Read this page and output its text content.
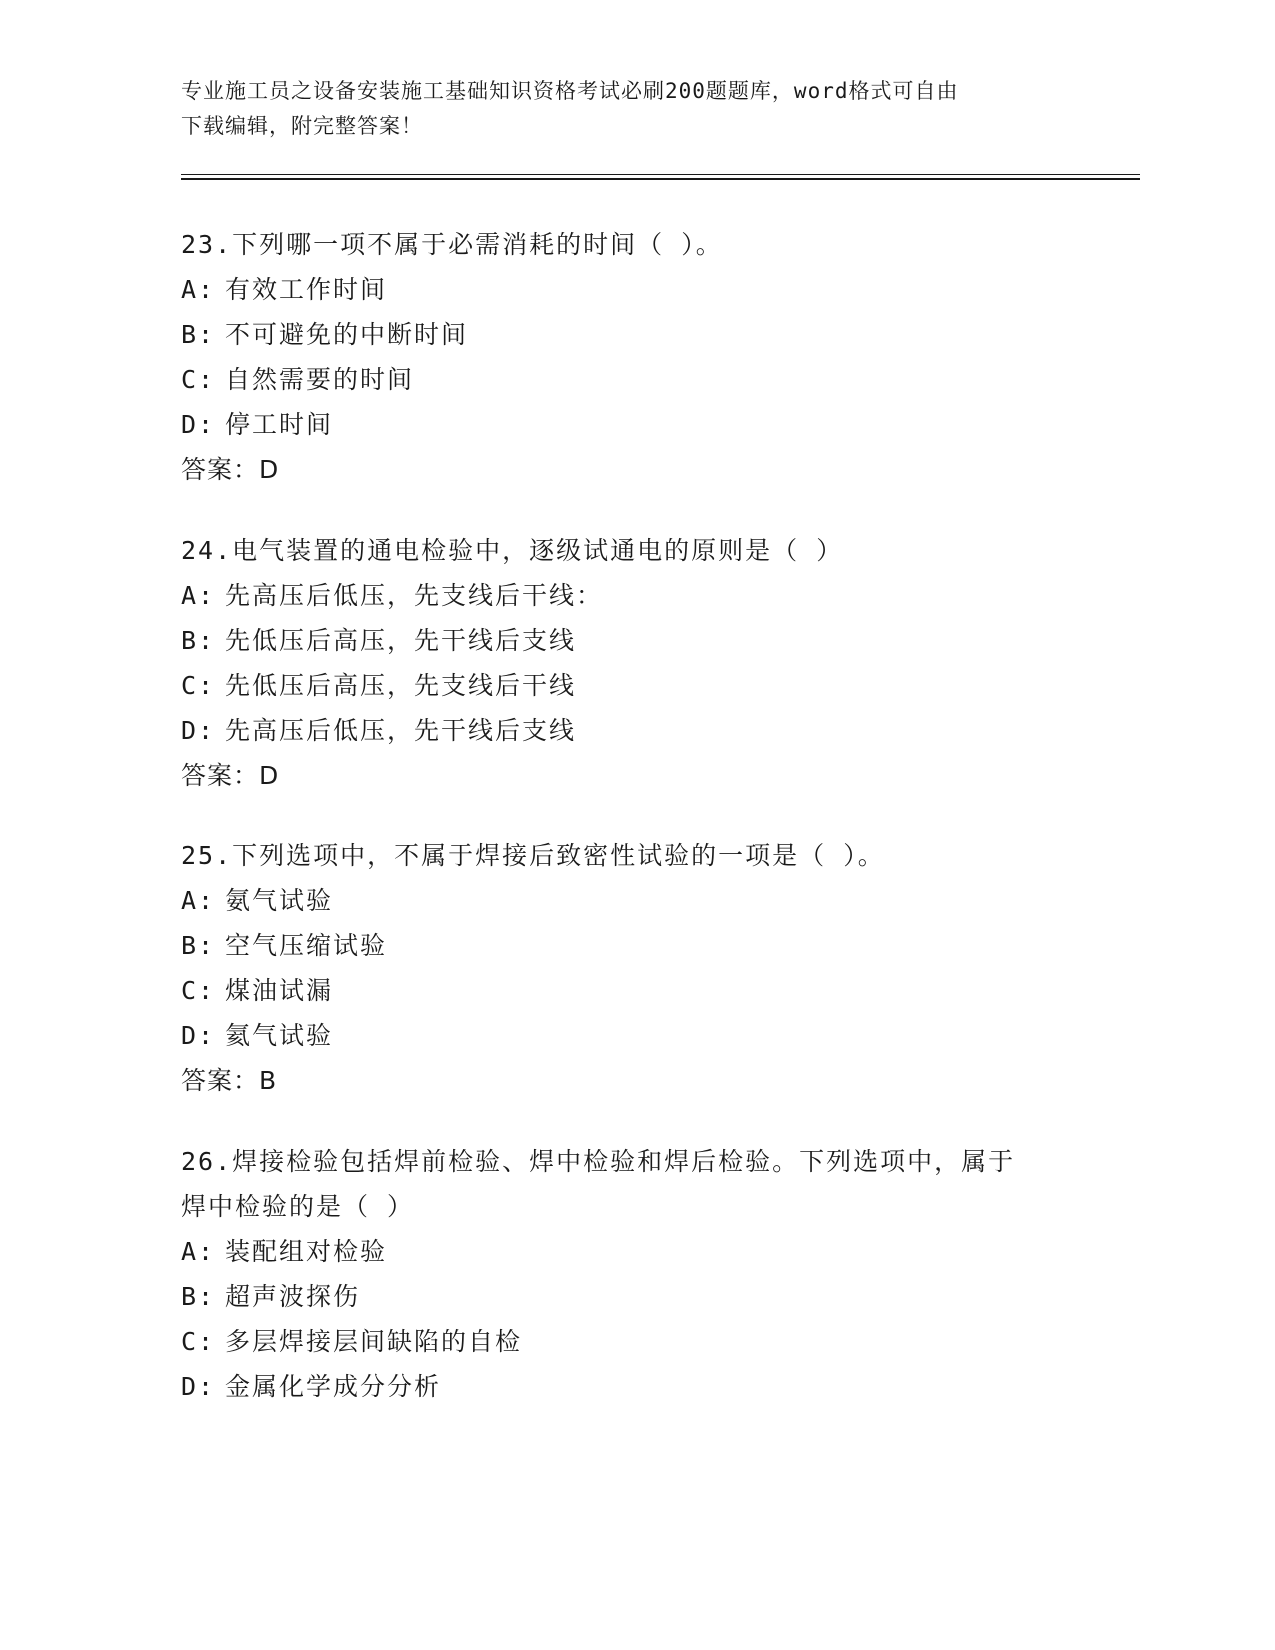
专业施工员之设备安装施工基础知识资格考试必刷200题题库，word格式可自由
下载编辑，附完整答案！
23.下列哪一项不属于必需消耗的时间（ ）。
A: 有效工作时间
B: 不可避免的中断时间
C: 自然需要的时间
D: 停工时间
答案：D
24.电气装置的通电检验中，逐级试通电的原则是（ ）
A: 先高压后低压，先支线后干线：
B: 先低压后高压，先干线后支线
C: 先低压后高压，先支线后干线
D: 先高压后低压，先干线后支线
答案：D
25.下列选项中，不属于焊接后致密性试验的一项是（ ）。
A: 氨气试验
B: 空气压缩试验
C: 煤油试漏
D: 氦气试验
答案：B
26.焊接检验包括焊前检验、焊中检验和焊后检验。下列选项中，属于
焊中检验的是（ ）
A: 装配组对检验
B: 超声波探伤
C: 多层焊接层间缺陷的自检
D: 金属化学成分分析
